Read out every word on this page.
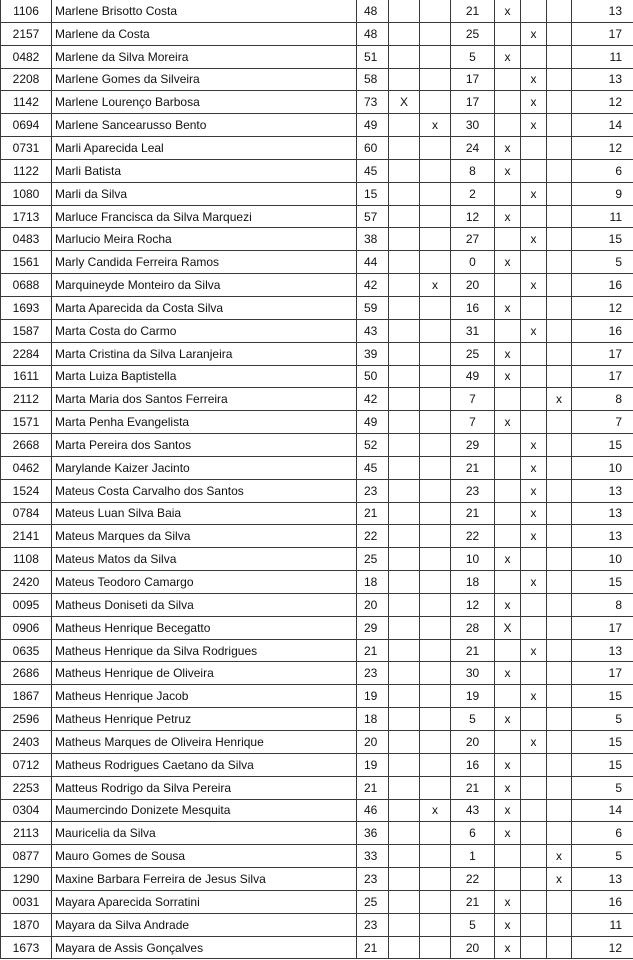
1106	Marlene Brisotto Costa	48			21	x			13
2157	Marlene da Costa	48			25		x		17
0482	Marlene da Silva Moreira	51			5	x			11
2208	Marlene Gomes da Silveira	58			17		x		13
1142	Marlene Lourenço Barbosa	73	X		17		x		12
0694	Marlene Sancearusso Bento	49		x	30		x		14
0731	Marli Aparecida Leal	60			24	x			12
1122	Marli Batista	45			8	x			6
1080	Marli da Silva	15			2		x		9
1713	Marluce Francisca da Silva Marquezi	57			12	x			11
0483	Marlucio Meira Rocha	38			27		x		15
1561	Marly Candida Ferreira Ramos	44			0	x			5
0688	Marquineyde Monteiro da Silva	42		x	20		x		16
1693	Marta Aparecida da Costa Silva	59			16	x			12
1587	Marta Costa do Carmo	43			31		x		16
2284	Marta Cristina da Silva Laranjeira	39			25	x			17
1611	Marta Luiza Baptistella	50			49	x			17
2112	Marta Maria dos Santos Ferreira	42			7			x	8
1571	Marta Penha Evangelista	49			7	x			7
2668	Marta Pereira dos Santos	52			29		x		15
0462	Marylande Kaizer Jacinto	45			21		x		10
1524	Mateus Costa Carvalho dos Santos	23			23		x		13
0784	Mateus Luan Silva Baia	21			21		x		13
2141	Mateus Marques da Silva	22			22		x		13
1108	Mateus Matos da Silva	25			10	x			10
2420	Mateus Teodoro Camargo	18			18		x		15
0095	Matheus Doniseti da Silva	20			12	x			8
0906	Matheus Henrique Becegatto	29			28	X			17
0635	Matheus Henrique da Silva Rodrigues	21			21		x		13
2686	Matheus Henrique de Oliveira	23			30	x			17
1867	Matheus Henrique Jacob	19			19		x		15
2596	Matheus Henrique Petruz	18			5	x			5
2403	Matheus Marques de Oliveira Henrique	20			20		x		15
0712	Matheus Rodrigues Caetano da Silva	19			16	x			15
2253	Matteus Rodrigo da Silva Pereira	21			21	x			5
0304	Maumercindo Donizete Mesquita	46		x	43	x			14
2113	Mauricelia da Silva	36			6	x			6
0877	Mauro Gomes de Sousa	33			1			x	5
1290	Maxine Barbara Ferreira de Jesus Silva	23			22			x	13
0031	Mayara Aparecida Sorratini	25			21	x			16
1870	Mayara da Silva Andrade	23			5	x			11
1673	Mayara de Assis Gonçalves	21			20	x			12
